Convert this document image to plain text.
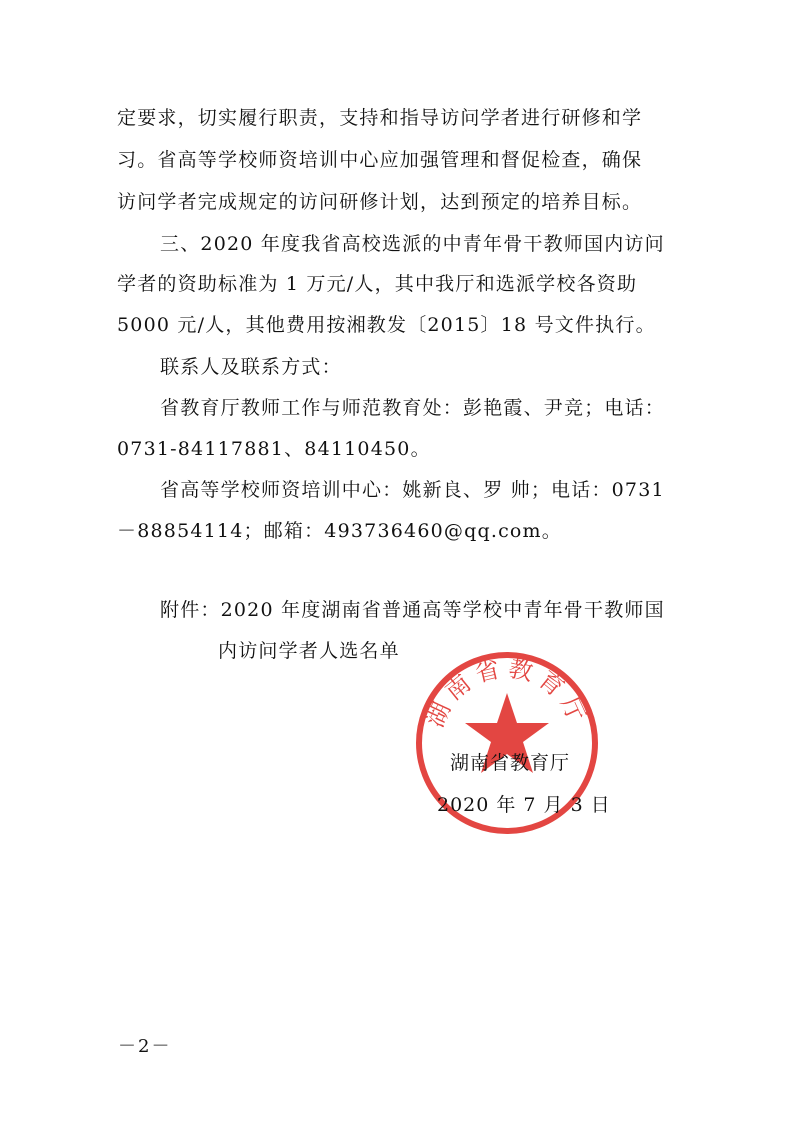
定要求，切实履行职责，支持和指导访问学者进行研修和学
习。省高等学校师资培训中心应加强管理和督促检查，确保
访问学者完成规定的访问研修计划，达到预定的培养目标。
三、2020 年度我省高校选派的中青年骨干教师国内访问
学者的资助标准为 1 万元/人，其中我厅和选派学校各资助
5000 元/人，其他费用按湘教发〔2015〕18 号文件执行。
联系人及联系方式：
省教育厅教师工作与师范教育处：彭艳霞、尹竞；电话：
0731-84117881、84110450。
省高等学校师资培训中心：姚新良、罗 帅；电话：0731
－88854114；邮箱：493736460@qq.com。
附件：2020 年度湖南省普通高等学校中青年骨干教师国
内访问学者人选名单
湖南省教育厅
湖南省教育厅
2020 年 7 月 3 日
－2－
